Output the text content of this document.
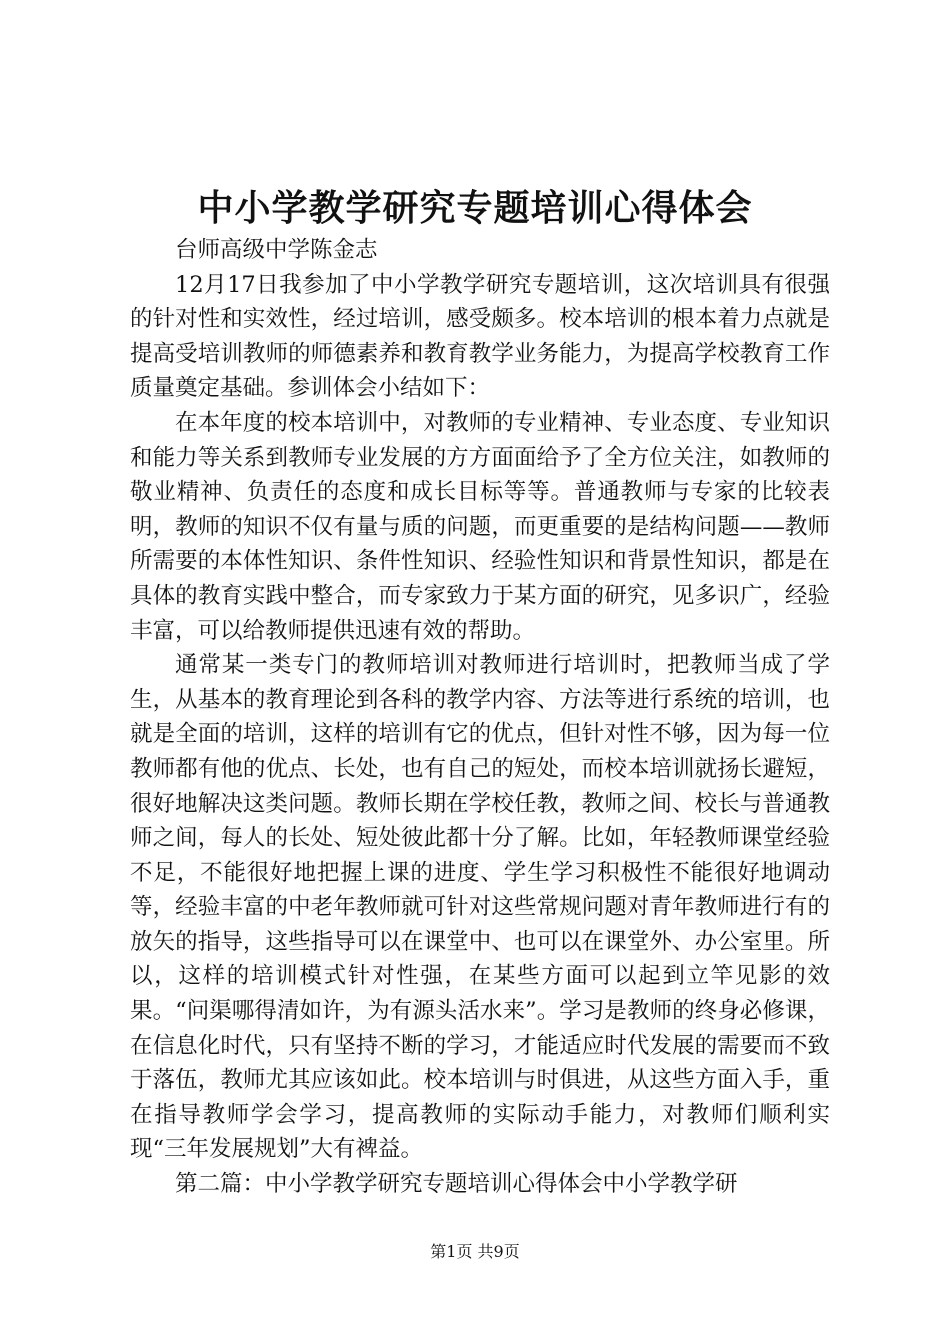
中小学教学研究专题培训心得体会

台师高级中学陈金志

12月17日我参加了中小学教学研究专题培训，这次培训具有很强的针对性和实效性，经过培训，感受颇多。校本培训的根本着力点就是提高受培训教师的师德素养和教育教学业务能力，为提高学校教育工作质量奠定基础。参训体会小结如下：

在本年度的校本培训中，对教师的专业精神、专业态度、专业知识和能力等关系到教师专业发展的方方面面给予了全方位关注，如教师的敬业精神、负责任的态度和成长目标等等。普通教师与专家的比较表明，教师的知识不仅有量与质的问题，而更重要的是结构问题——教师所需要的本体性知识、条件性知识、经验性知识和背景性知识，都是在具体的教育实践中整合，而专家致力于某方面的研究，见多识广，经验丰富，可以给教师提供迅速有效的帮助。

通常某一类专门的教师培训对教师进行培训时，把教师当成了学生，从基本的教育理论到各科的教学内容、方法等进行系统的培训，也就是全面的培训，这样的培训有它的优点，但针对性不够，因为每一位教师都有他的优点、长处，也有自己的短处，而校本培训就扬长避短，很好地解决这类问题。教师长期在学校任教，教师之间、校长与普通教师之间，每人的长处、短处彼此都十分了解。比如，年轻教师课堂经验不足，不能很好地把握上课的进度、学生学习积极性不能很好地调动等，经验丰富的中老年教师就可针对这些常规问题对青年教师进行有的放矢的指导，这些指导可以在课堂中、也可以在课堂外、办公室里。所以，这样的培训模式针对性强，在某些方面可以起到立竿见影的效果。“问渠哪得清如许，为有源头活水来”。学习是教师的终身必修课，在信息化时代，只有坚持不断的学习，才能适应时代发展的需要而不致于落伍，教师尤其应该如此。校本培训与时俱进，从这些方面入手，重在指导教师学会学习，提高教师的实际动手能力，对教师们顺利实现“三年发展规划”大有裨益。

第二篇：中小学教学研究专题培训心得体会中小学教学研

第1页 共9页
